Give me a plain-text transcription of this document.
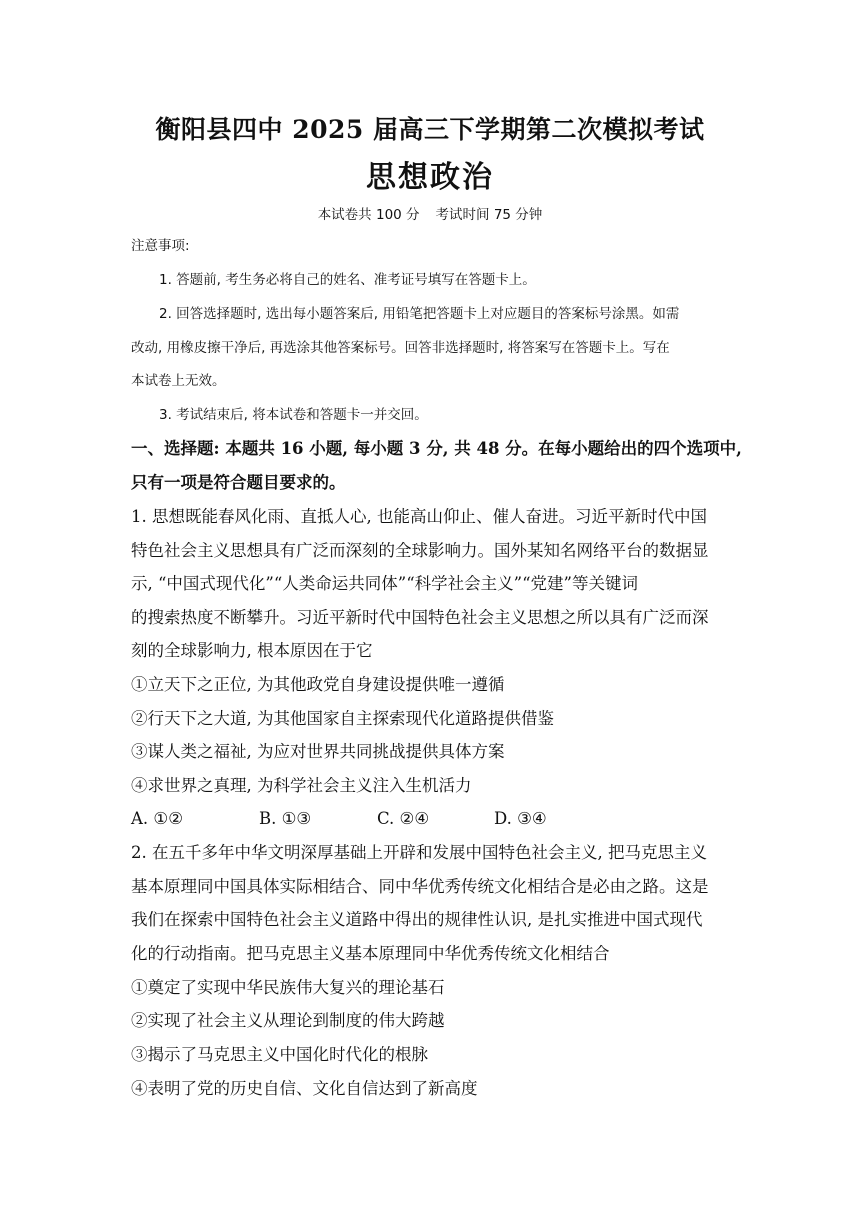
衡阳县四中 2025 届高三下学期第二次模拟考试
思想政治
本试卷共 100 分 考试时间 75 分钟
注意事项:
1. 答题前, 考生务必将自己的姓名、准考证号填写在答题卡上。
2. 回答选择题时, 选出每小题答案后, 用铅笔把答题卡上对应题目的答案标号涂黑。如需
改动, 用橡皮擦干净后, 再选涂其他答案标号。回答非选择题时, 将答案写在答题卡上。写在
本试卷上无效。
3. 考试结束后, 将本试卷和答题卡一并交回。
一、选择题: 本题共 16 小题, 每小题 3 分, 共 48 分。在每小题给出的四个选项中,
只有一项是符合题目要求的。
1. 思想既能春风化雨、直抵人心, 也能高山仰止、催人奋进。习近平新时代中国
特色社会主义思想具有广泛而深刻的全球影响力。国外某知名网络平台的数据显
示, “中国式现代化”“人类命运共同体”“科学社会主义”“党建”等关键词
的搜索热度不断攀升。习近平新时代中国特色社会主义思想之所以具有广泛而深
刻的全球影响力, 根本原因在于它
①立天下之正位, 为其他政党自身建设提供唯一遵循
②行天下之大道, 为其他国家自主探索现代化道路提供借鉴
③谋人类之福祉, 为应对世界共同挑战提供具体方案
④求世界之真理, 为科学社会主义注入生机活力
A. ①②	B. ①③	C. ②④	D. ③④
2. 在五千多年中华文明深厚基础上开辟和发展中国特色社会主义, 把马克思主义
基本原理同中国具体实际相结合、同中华优秀传统文化相结合是必由之路。这是
我们在探索中国特色社会主义道路中得出的规律性认识, 是扎实推进中国式现代
化的行动指南。把马克思主义基本原理同中华优秀传统文化相结合
①奠定了实现中华民族伟大复兴的理论基石
②实现了社会主义从理论到制度的伟大跨越
③揭示了马克思主义中国化时代化的根脉
④表明了党的历史自信、文化自信达到了新高度
